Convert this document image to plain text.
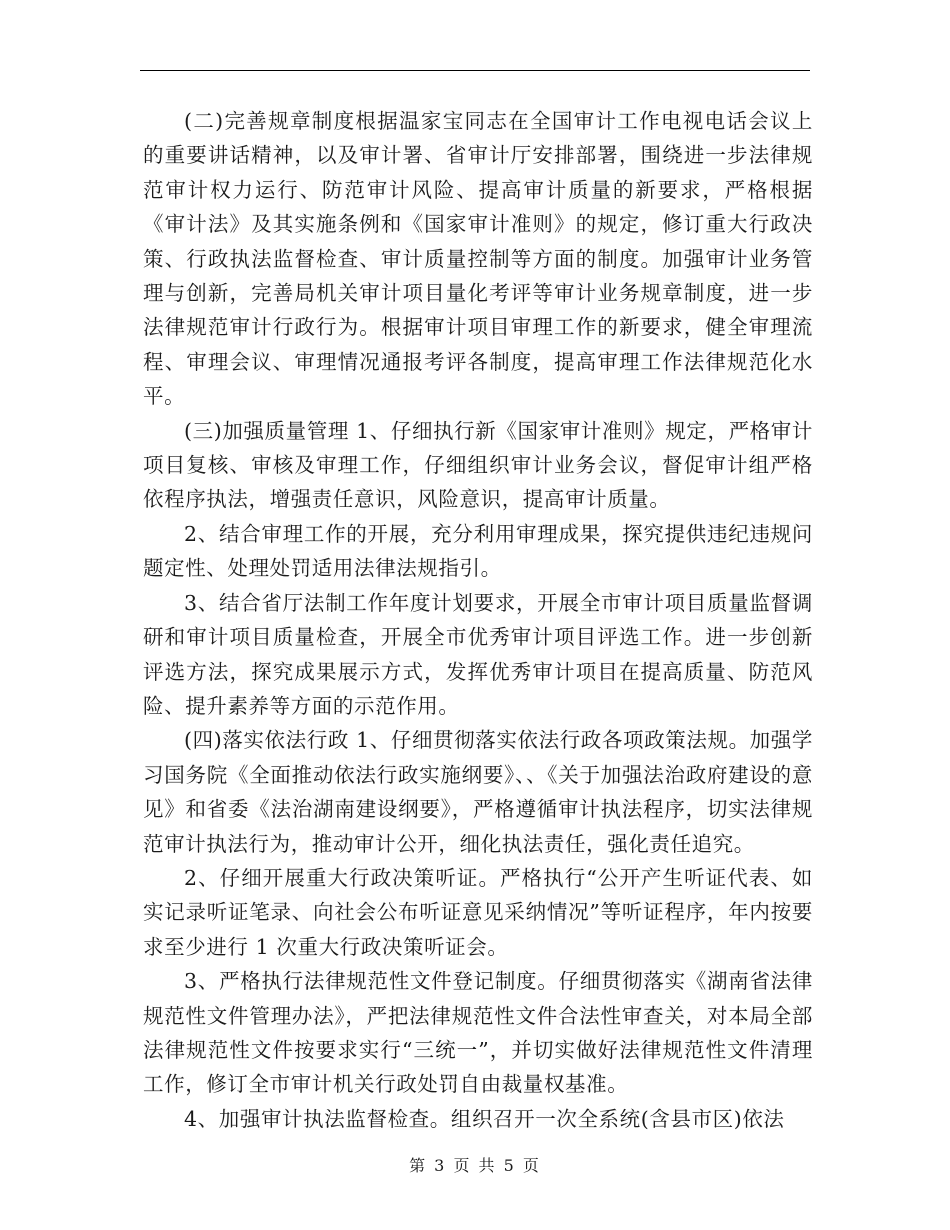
(二)完善规章制度根据温家宝同志在全国审计工作电视电话会议上的重要讲话精神，以及审计署、省审计厅安排部署，围绕进一步法律规范审计权力运行、防范审计风险、提高审计质量的新要求，严格根据《审计法》及其实施条例和《国家审计准则》的规定，修订重大行政决策、行政执法监督检查、审计质量控制等方面的制度。加强审计业务管理与创新，完善局机关审计项目量化考评等审计业务规章制度，进一步法律规范审计行政行为。根据审计项目审理工作的新要求，健全审理流程、审理会议、审理情况通报考评各制度，提高审理工作法律规范化水平。

(三)加强质量管理 1、仔细执行新《国家审计准则》规定，严格审计项目复核、审核及审理工作，仔细组织审计业务会议，督促审计组严格依程序执法，增强责任意识，风险意识，提高审计质量。

2、结合审理工作的开展，充分利用审理成果，探究提供违纪违规问题定性、处理处罚适用法律法规指引。

3、结合省厅法制工作年度计划要求，开展全市审计项目质量监督调研和审计项目质量检查，开展全市优秀审计项目评选工作。进一步创新评选方法，探究成果展示方式，发挥优秀审计项目在提高质量、防范风险、提升素养等方面的示范作用。

(四)落实依法行政 1、仔细贯彻落实依法行政各项政策法规。加强学习国务院《全面推动依法行政实施纲要》、、《关于加强法治政府建设的意见》和省委《法治湖南建设纲要》，严格遵循审计执法程序，切实法律规范审计执法行为，推动审计公开，细化执法责任，强化责任追究。

2、仔细开展重大行政决策听证。严格执行“公开产生听证代表、如实记录听证笔录、向社会公布听证意见采纳情况”等听证程序，年内按要求至少进行 1 次重大行政决策听证会。

3、严格执行法律规范性文件登记制度。仔细贯彻落实《湖南省法律规范性文件管理办法》，严把法律规范性文件合法性审查关，对本局全部法律规范性文件按要求实行“三统一”，并切实做好法律规范性文件清理工作，修订全市审计机关行政处罚自由裁量权基准。

4、加强审计执法监督检查。组织召开一次全系统(含县市区)依法

第 3 页 共 5 页
